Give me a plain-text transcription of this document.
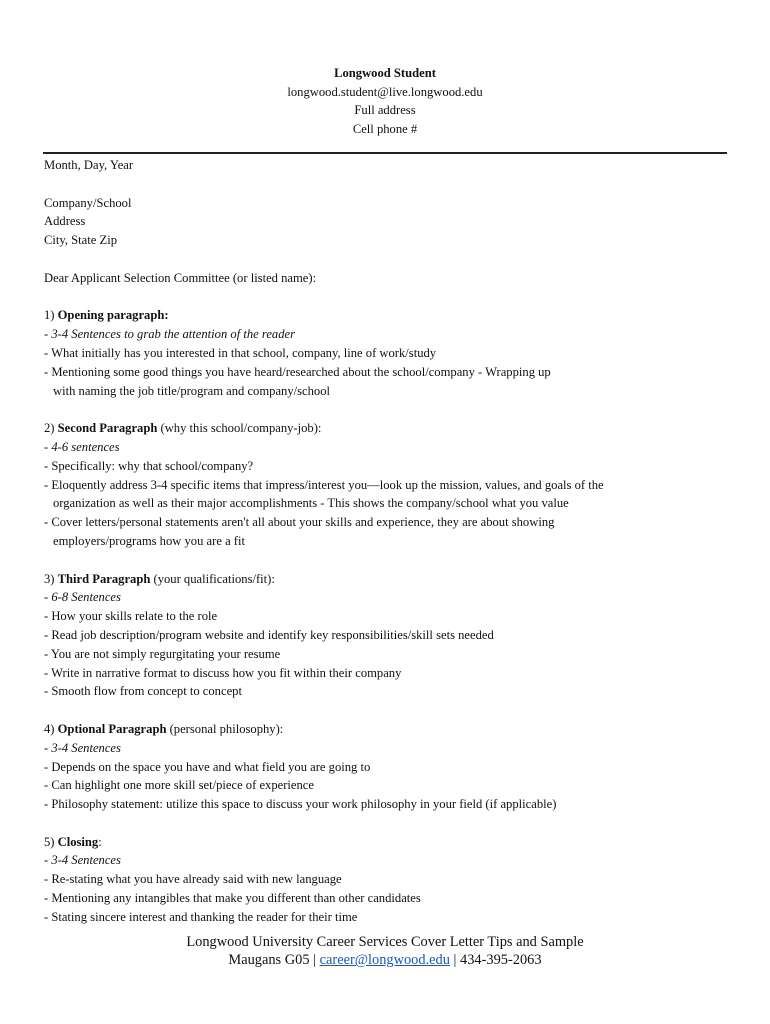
Longwood Student
longwood.student@live.longwood.edu
Full address
Cell phone #
Month, Day, Year
Company/School
Address
City, State Zip
Dear Applicant Selection Committee (or listed name):
1) Opening paragraph:
- 3-4 Sentences to grab the attention of the reader
- What initially has you interested in that school, company, line of work/study
- Mentioning some good things you have heard/researched about the school/company - Wrapping up
with naming the job title/program and company/school
2) Second Paragraph (why this school/company-job):
- 4-6 sentences
- Specifically: why that school/company?
- Eloquently address 3-4 specific items that impress/interest you—look up the mission, values, and goals of the
organization as well as their major accomplishments - This shows the company/school what you value
- Cover letters/personal statements aren't all about your skills and experience, they are about showing
employers/programs how you are a fit
3) Third Paragraph (your qualifications/fit):
- 6-8 Sentences
- How your skills relate to the role
- Read job description/program website and identify key responsibilities/skill sets needed
- You are not simply regurgitating your resume
- Write in narrative format to discuss how you fit within their company
- Smooth flow from concept to concept
4) Optional Paragraph (personal philosophy):
- 3-4 Sentences
- Depends on the space you have and what field you are going to
- Can highlight one more skill set/piece of experience
- Philosophy statement: utilize this space to discuss your work philosophy in your field (if applicable)
5) Closing:
- 3-4 Sentences
- Re-stating what you have already said with new language
- Mentioning any intangibles that make you different than other candidates
- Stating sincere interest and thanking the reader for their time
Longwood University Career Services Cover Letter Tips and Sample
Maugans G05 | career@longwood.edu | 434-395-2063
